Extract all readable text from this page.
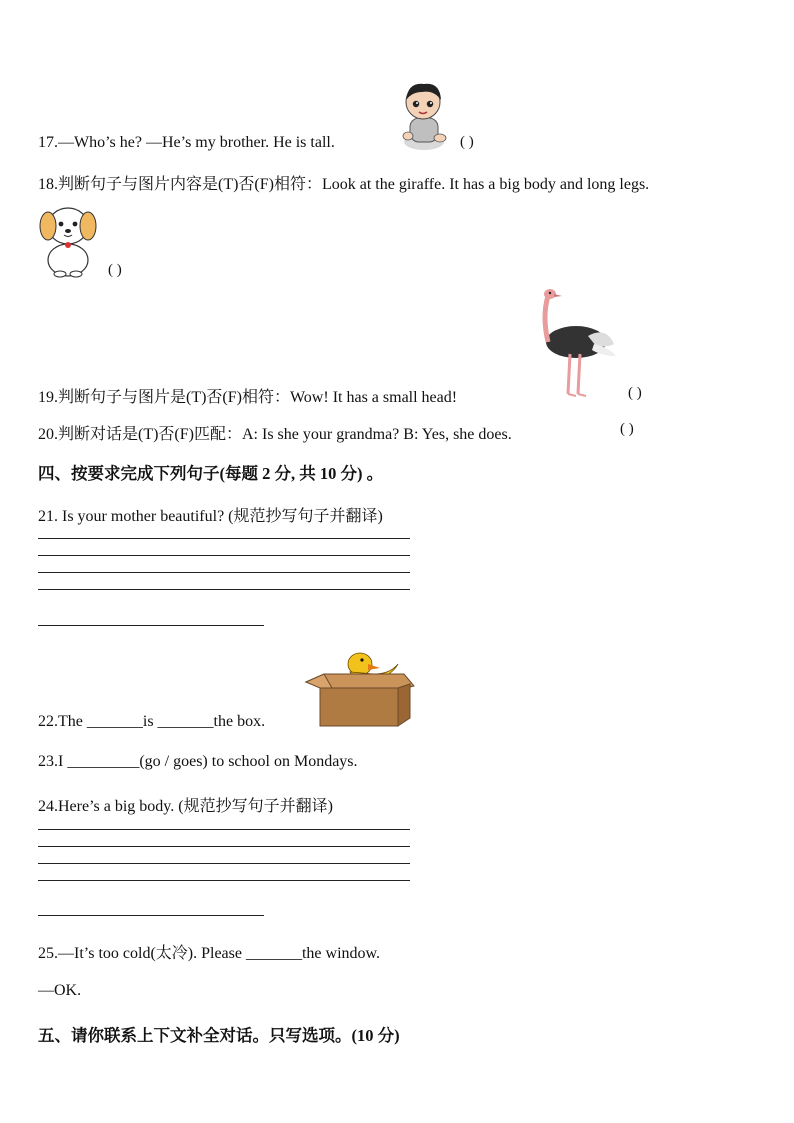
17.—Who’s he? —He’s my brother. He is tall.	( )
18.判断句子与图片内容是(T)否(F)相符：Look at the giraffe. It has a big body and long legs.
( )
19.判断句子与图片是(T)否(F)相符：Wow! It has a small head!	( )
20.判断对话是(T)否(F)匹配：A: Is she your grandma? B: Yes, she does.	( )
四、按要求完成下列句子(每题 2 分, 共 10 分) 。
21. Is your mother beautiful? (规范抄写句子并翻译)
22.The _______is _______the box.
23.I _________(go / goes) to school on Mondays.
24.Here’s a big body. (规范抄写句子并翻译)
25.—It’s too cold(太冷). Please _______the window.
—OK.
五、请你联系上下文补全对话。只写选项。(10 分)
